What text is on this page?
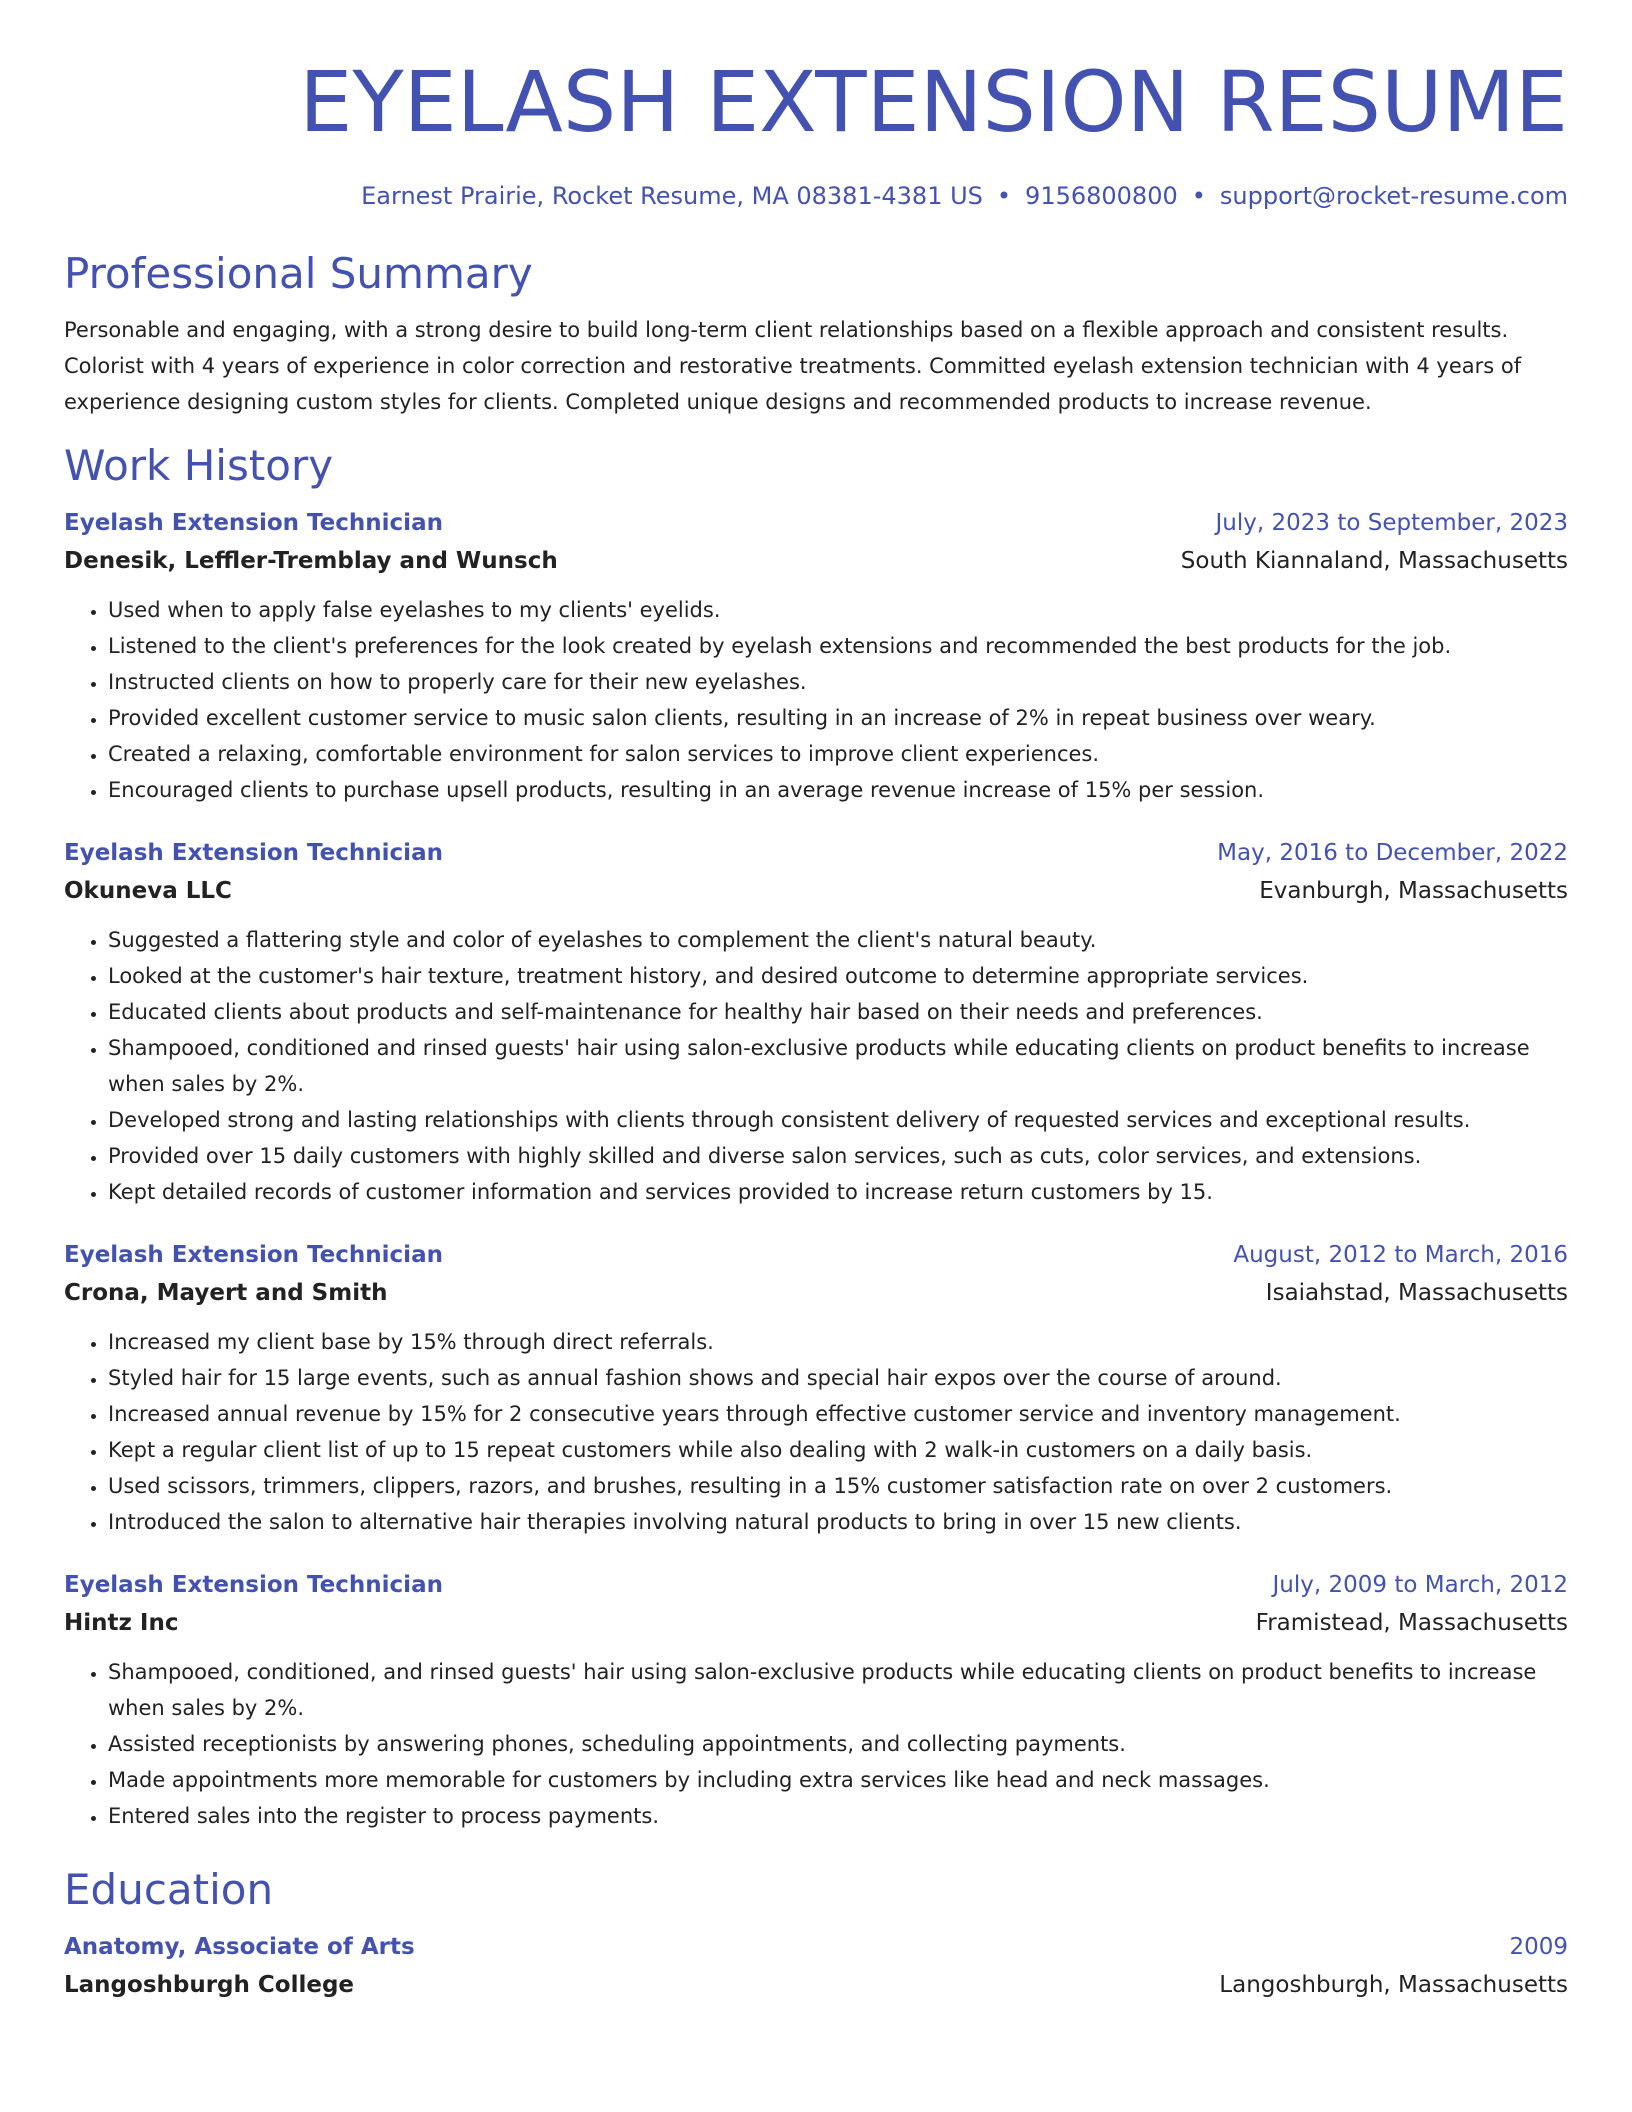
EYELASH EXTENSION RESUME
Earnest Prairie, Rocket Resume, MA 08381-4381 US • 9156800800 • support@rocket-resume.com
Professional Summary

Personable and engaging, with a strong desire to build long-term client relationships based on a flexible approach and consistent results. Colorist with 4 years of experience in color correction and restorative treatments. Committed eyelash extension technician with 4 years of experience designing custom styles for clients. Completed unique designs and recommended products to increase revenue.

Work History
Eyelash Extension Technician	July, 2023 to September, 2023
Denesik, Leffler-Tremblay and Wunsch	South Kiannaland, Massachusetts
• Used when to apply false eyelashes to my clients' eyelids.
• Listened to the client's preferences for the look created by eyelash extensions and recommended the best products for the job.
• Instructed clients on how to properly care for their new eyelashes.
• Provided excellent customer service to music salon clients, resulting in an increase of 2% in repeat business over weary.
• Created a relaxing, comfortable environment for salon services to improve client experiences.
• Encouraged clients to purchase upsell products, resulting in an average revenue increase of 15% per session.
Eyelash Extension Technician	May, 2016 to December, 2022
Okuneva LLC	Evanburgh, Massachusetts
• Suggested a flattering style and color of eyelashes to complement the client's natural beauty.
• Looked at the customer's hair texture, treatment history, and desired outcome to determine appropriate services.
• Educated clients about products and self-maintenance for healthy hair based on their needs and preferences.
• Shampooed, conditioned and rinsed guests' hair using salon-exclusive products while educating clients on product benefits to increase when sales by 2%.
• Developed strong and lasting relationships with clients through consistent delivery of requested services and exceptional results.
• Provided over 15 daily customers with highly skilled and diverse salon services, such as cuts, color services, and extensions.
• Kept detailed records of customer information and services provided to increase return customers by 15.
Eyelash Extension Technician	August, 2012 to March, 2016
Crona, Mayert and Smith	Isaiahstad, Massachusetts
• Increased my client base by 15% through direct referrals.
• Styled hair for 15 large events, such as annual fashion shows and special hair expos over the course of around.
• Increased annual revenue by 15% for 2 consecutive years through effective customer service and inventory management.
• Kept a regular client list of up to 15 repeat customers while also dealing with 2 walk-in customers on a daily basis.
• Used scissors, trimmers, clippers, razors, and brushes, resulting in a 15% customer satisfaction rate on over 2 customers.
• Introduced the salon to alternative hair therapies involving natural products to bring in over 15 new clients.
Eyelash Extension Technician	July, 2009 to March, 2012
Hintz Inc	Framistead, Massachusetts
• Shampooed, conditioned, and rinsed guests' hair using salon-exclusive products while educating clients on product benefits to increase when sales by 2%.
• Assisted receptionists by answering phones, scheduling appointments, and collecting payments.
• Made appointments more memorable for customers by including extra services like head and neck massages.
• Entered sales into the register to process payments.
Education
Anatomy, Associate of Arts	2009
Langoshburgh College	Langoshburgh, Massachusetts
